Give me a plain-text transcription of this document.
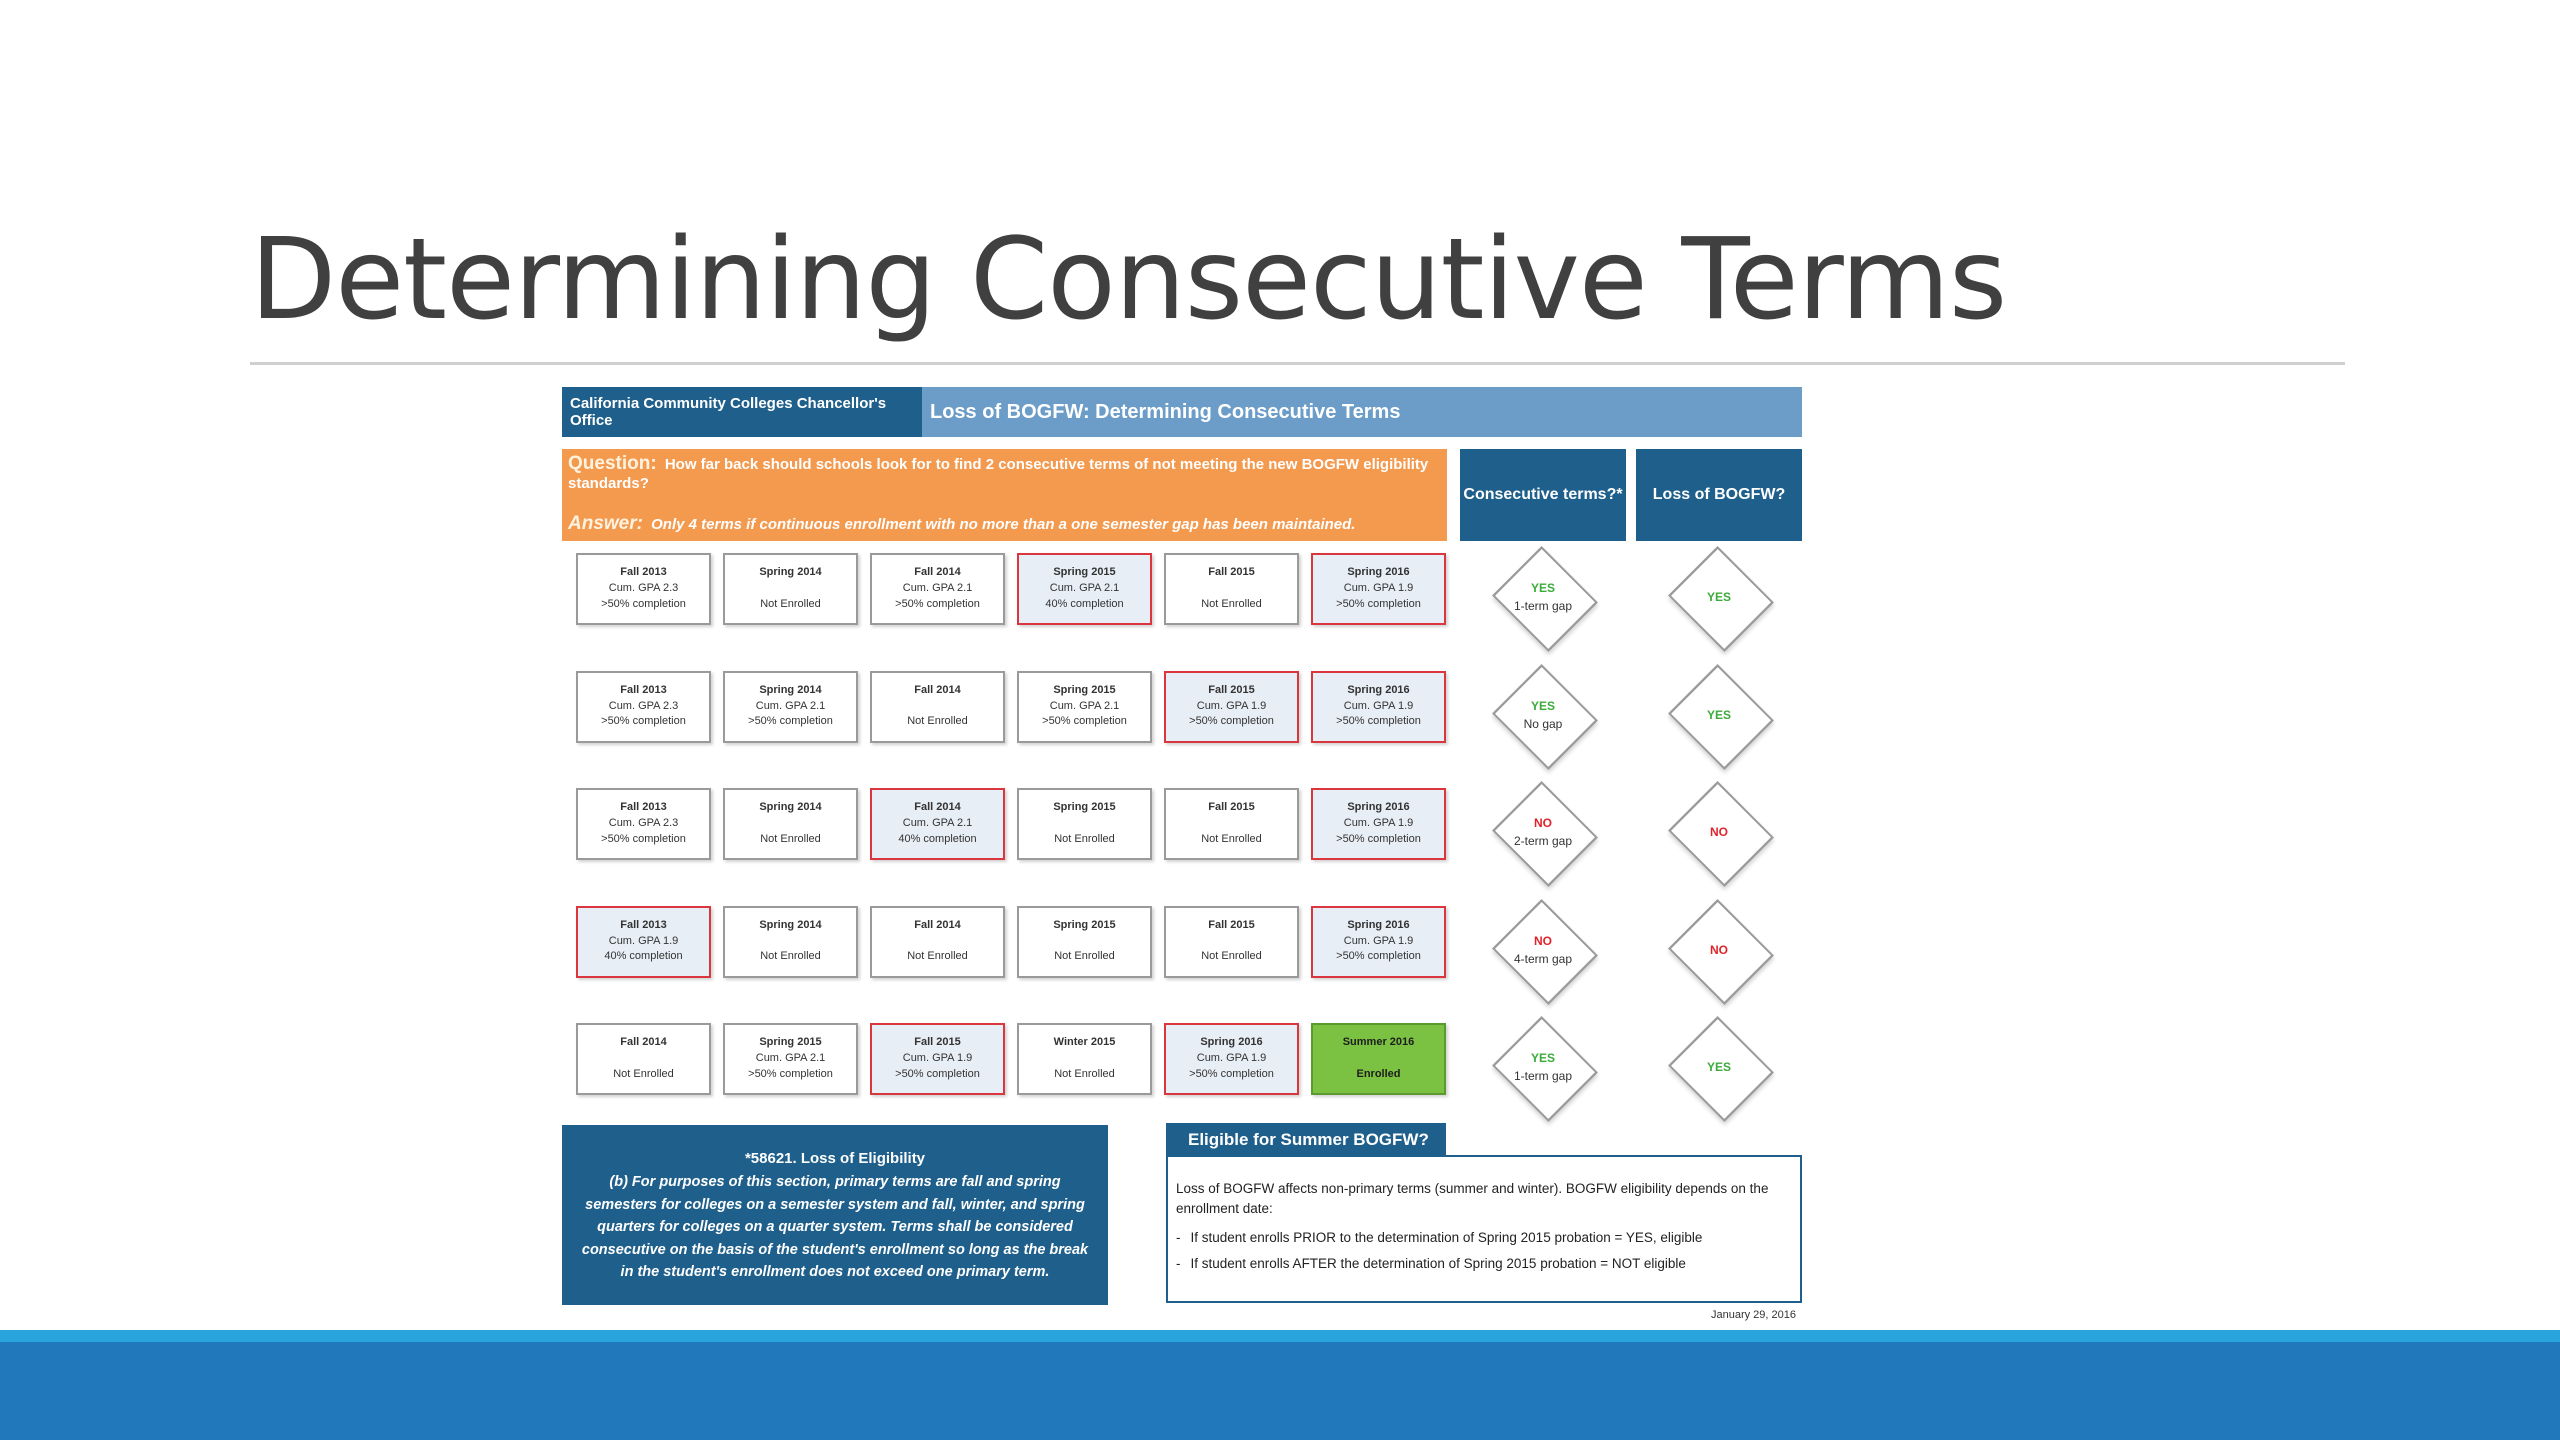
Determining Consecutive Terms
California Community Colleges Chancellor's Office	Loss of BOGFW: Determining Consecutive Terms
Question: How far back should schools look for to find 2 consecutive terms of not meeting the new BOGFW eligibility standards?
Answer: Only 4 terms if continuous enrollment with no more than a one semester gap has been maintained.
Consecutive terms?*	Loss of BOGFW?
Fall 2013
Cum. GPA 2.3
>50% completion
Spring 2014

Not Enrolled
Fall 2014
Cum. GPA 2.1
>50% completion
Spring 2015
Cum. GPA 2.1
40% completion
Fall 2015

Not Enrolled
Spring 2016
Cum. GPA 1.9
>50% completion
YES
1-term gap
YES
Fall 2013
Cum. GPA 2.3
>50% completion
Spring 2014
Cum. GPA 2.1
>50% completion
Fall 2014

Not Enrolled
Spring 2015
Cum. GPA 2.1
>50% completion
Fall 2015
Cum. GPA 1.9
>50% completion
Spring 2016
Cum. GPA 1.9
>50% completion
YES
No gap
YES
Fall 2013
Cum. GPA 2.3
>50% completion
Spring 2014

Not Enrolled
Fall 2014
Cum. GPA 2.1
40% completion
Spring 2015

Not Enrolled
Fall 2015

Not Enrolled
Spring 2016
Cum. GPA 1.9
>50% completion
NO
2-term gap
NO
Fall 2013
Cum. GPA 1.9
40% completion
Spring 2014

Not Enrolled
Fall 2014

Not Enrolled
Spring 2015

Not Enrolled
Fall 2015

Not Enrolled
Spring 2016
Cum. GPA 1.9
>50% completion
NO
4-term gap
NO
Fall 2014

Not Enrolled
Spring 2015
Cum. GPA 2.1
>50% completion
Fall 2015
Cum. GPA 1.9
>50% completion
Winter 2015

Not Enrolled
Spring 2016
Cum. GPA 1.9
>50% completion
Summer 2016

Enrolled
YES
1-term gap
YES
*58621. Loss of Eligibility
(b) For purposes of this section, primary terms are fall and spring semesters for colleges on a semester system and fall, winter, and spring quarters for colleges on a quarter system. Terms shall be considered consecutive on the basis of the student's enrollment so long as the break in the student's enrollment does not exceed one primary term.
Eligible for Summer BOGFW?
Loss of BOGFW affects non-primary terms (summer and winter). BOGFW eligibility depends on the enrollment date:
- If student enrolls PRIOR to the determination of Spring 2015 probation = YES, eligible
- If student enrolls AFTER the determination of Spring 2015 probation = NOT eligible
January 29, 2016
